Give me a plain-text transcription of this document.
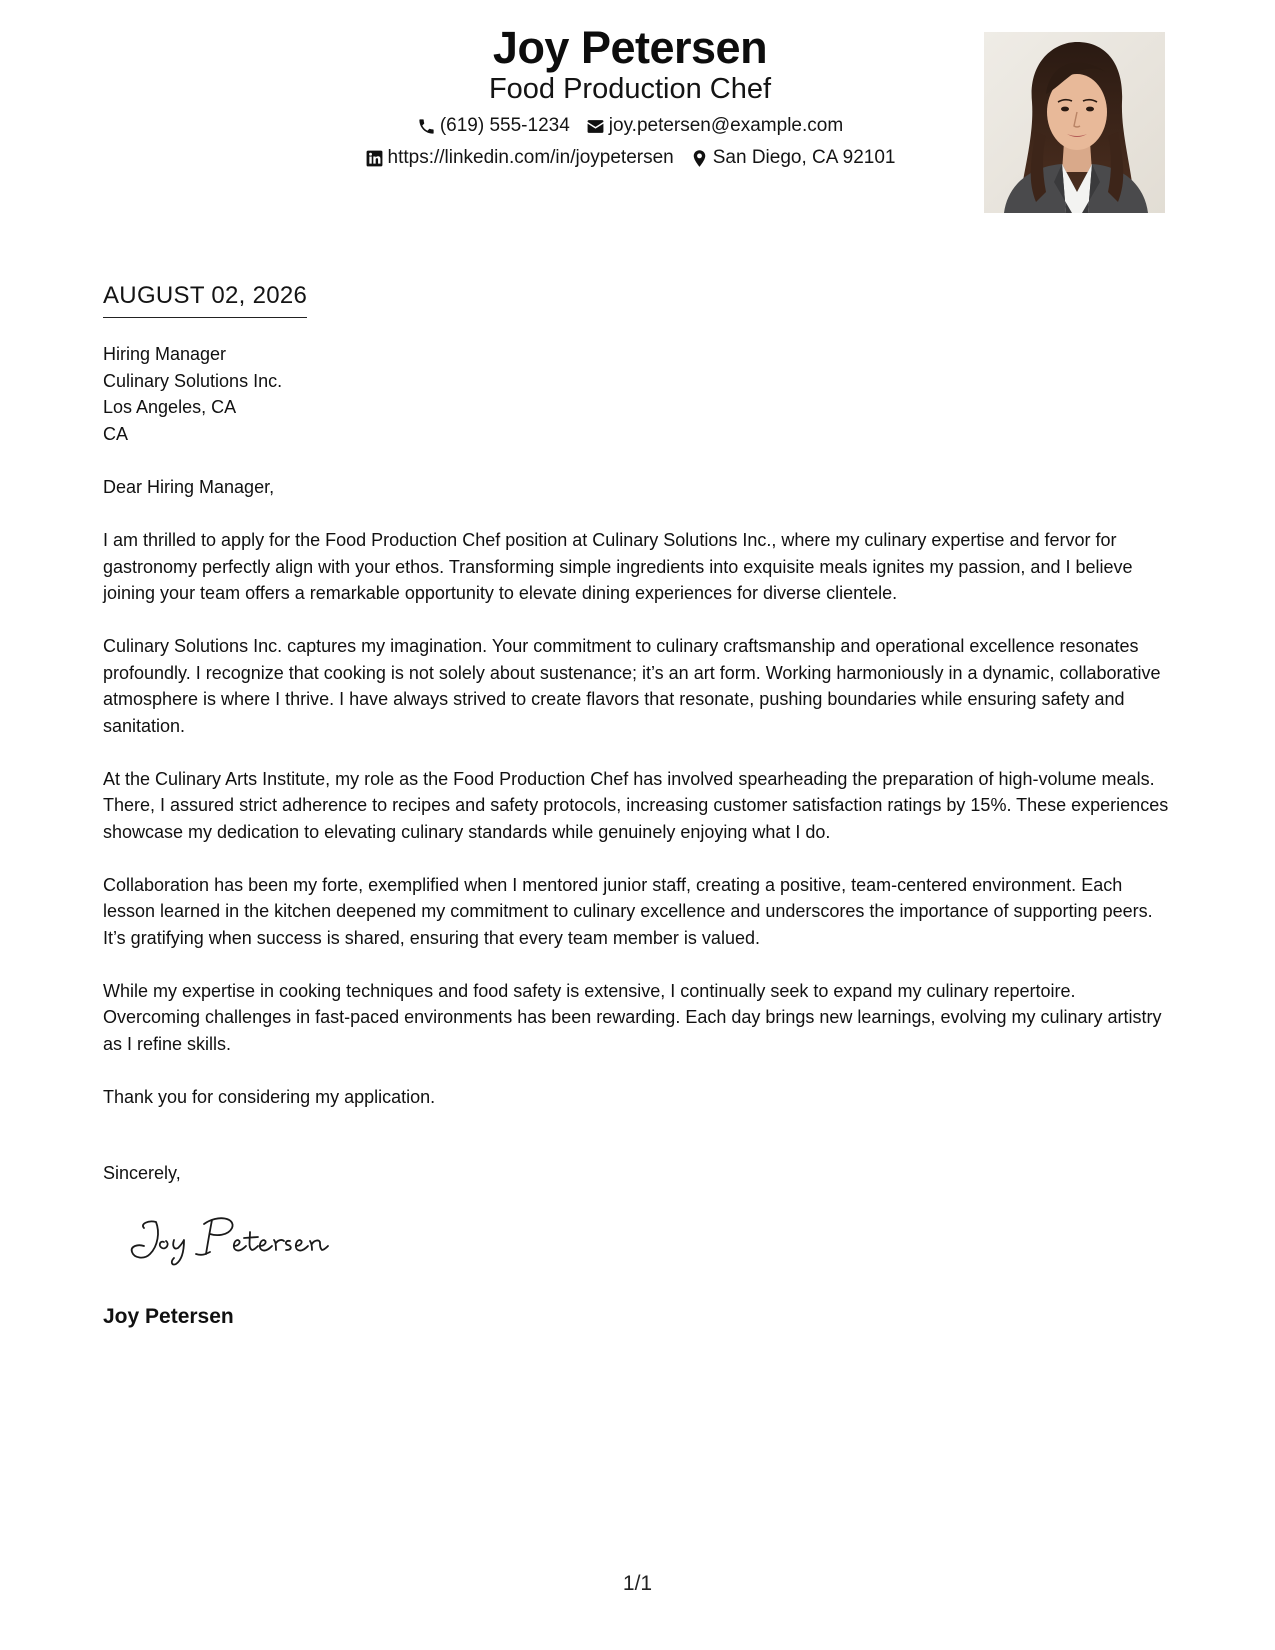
Joy Petersen
Food Production Chef
(619) 555-1234 joy.petersen@example.com
https://linkedin.com/in/joypetersen San Diego, CA 92101
AUGUST 02, 2026
Hiring Manager
Culinary Solutions Inc.
Los Angeles, CA
CA
Dear Hiring Manager,

I am thrilled to apply for the Food Production Chef position at Culinary Solutions Inc., where my culinary expertise and fervor for gastronomy perfectly align with your ethos. Transforming simple ingredients into exquisite meals ignites my passion, and I believe joining your team offers a remarkable opportunity to elevate dining experiences for diverse clientele.

Culinary Solutions Inc. captures my imagination. Your commitment to culinary craftsmanship and operational excellence resonates profoundly. I recognize that cooking is not solely about sustenance; it’s an art form. Working harmoniously in a dynamic, collaborative atmosphere is where I thrive. I have always strived to create flavors that resonate, pushing boundaries while ensuring safety and sanitation.

At the Culinary Arts Institute, my role as the Food Production Chef has involved spearheading the preparation of high-volume meals. There, I assured strict adherence to recipes and safety protocols, increasing customer satisfaction ratings by 15%. These experiences showcase my dedication to elevating culinary standards while genuinely enjoying what I do.

Collaboration has been my forte, exemplified when I mentored junior staff, creating a positive, team-centered environment. Each lesson learned in the kitchen deepened my commitment to culinary excellence and underscores the importance of supporting peers. It’s gratifying when success is shared, ensuring that every team member is valued.

While my expertise in cooking techniques and food safety is extensive, I continually seek to expand my culinary repertoire. Overcoming challenges in fast-paced environments has been rewarding. Each day brings new learnings, evolving my culinary artistry as I refine skills.

Thank you for considering my application.

Sincerely,
Joy Petersen
1/1
